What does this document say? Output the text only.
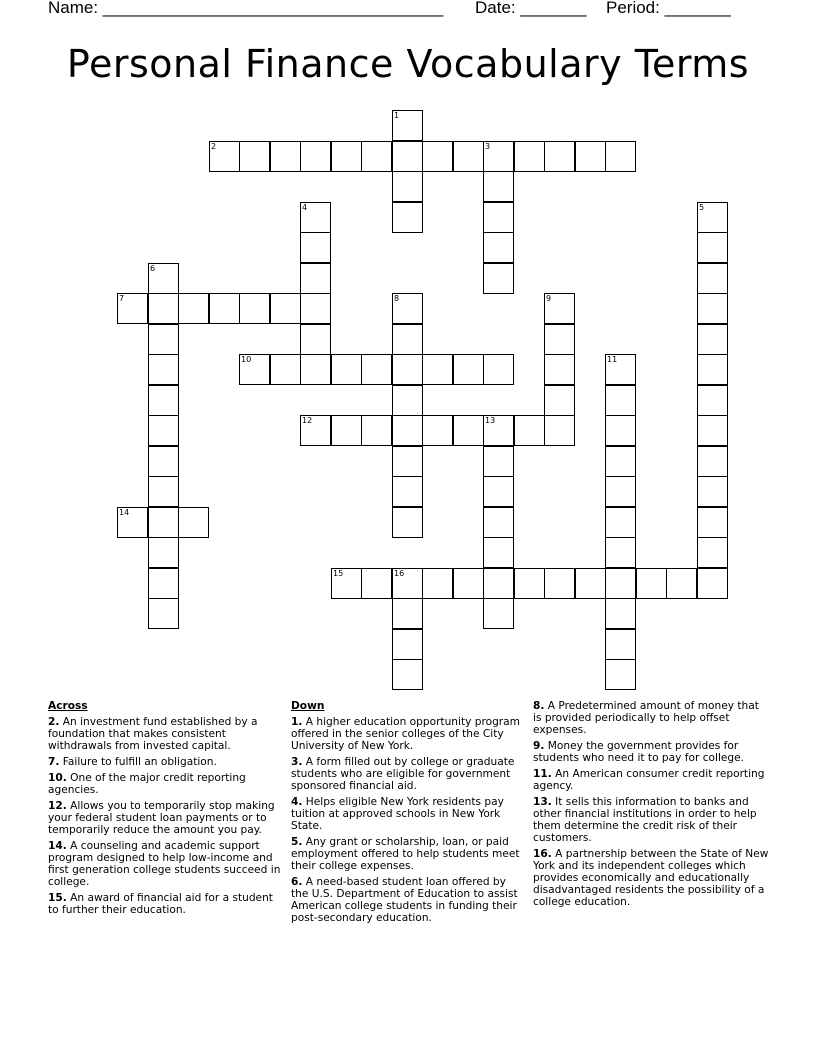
Name: ____________________________________ Date: _______ Period: _______
Personal Finance Vocabulary Terms
1
2	3
4	5
6
7	8	9
10	11
12	13
14
15	16
Across
2. An investment fund established by a foundation that makes consistent withdrawals from invested capital.
7. Failure to fulfill an obligation.
10. One of the major credit reporting agencies.
12. Allows you to temporarily stop making your federal student loan payments or to temporarily reduce the amount you pay.
14. A counseling and academic support program designed to help low-income and first generation college students succeed in college.
15. An award of financial aid for a student to further their education.
Down
1. A higher education opportunity program offered in the senior colleges of the City University of New York.
3. A form filled out by college or graduate students who are eligible for government sponsored financial aid.
4. Helps eligible New York residents pay tuition at approved schools in New York State.
5. Any grant or scholarship, loan, or paid employment offered to help students meet their college expenses.
6. A need-based student loan offered by the U.S. Department of Education to assist American college students in funding their post-secondary education.
8. A Predetermined amount of money that is provided periodically to help offset expenses.
9. Money the government provides for students who need it to pay for college.
11. An American consumer credit reporting agency.
13. It sells this information to banks and other financial institutions in order to help them determine the credit risk of their customers.
16. A partnership between the State of New York and its independent colleges which provides economically and educationally disadvantaged residents the possibility of a college education.
